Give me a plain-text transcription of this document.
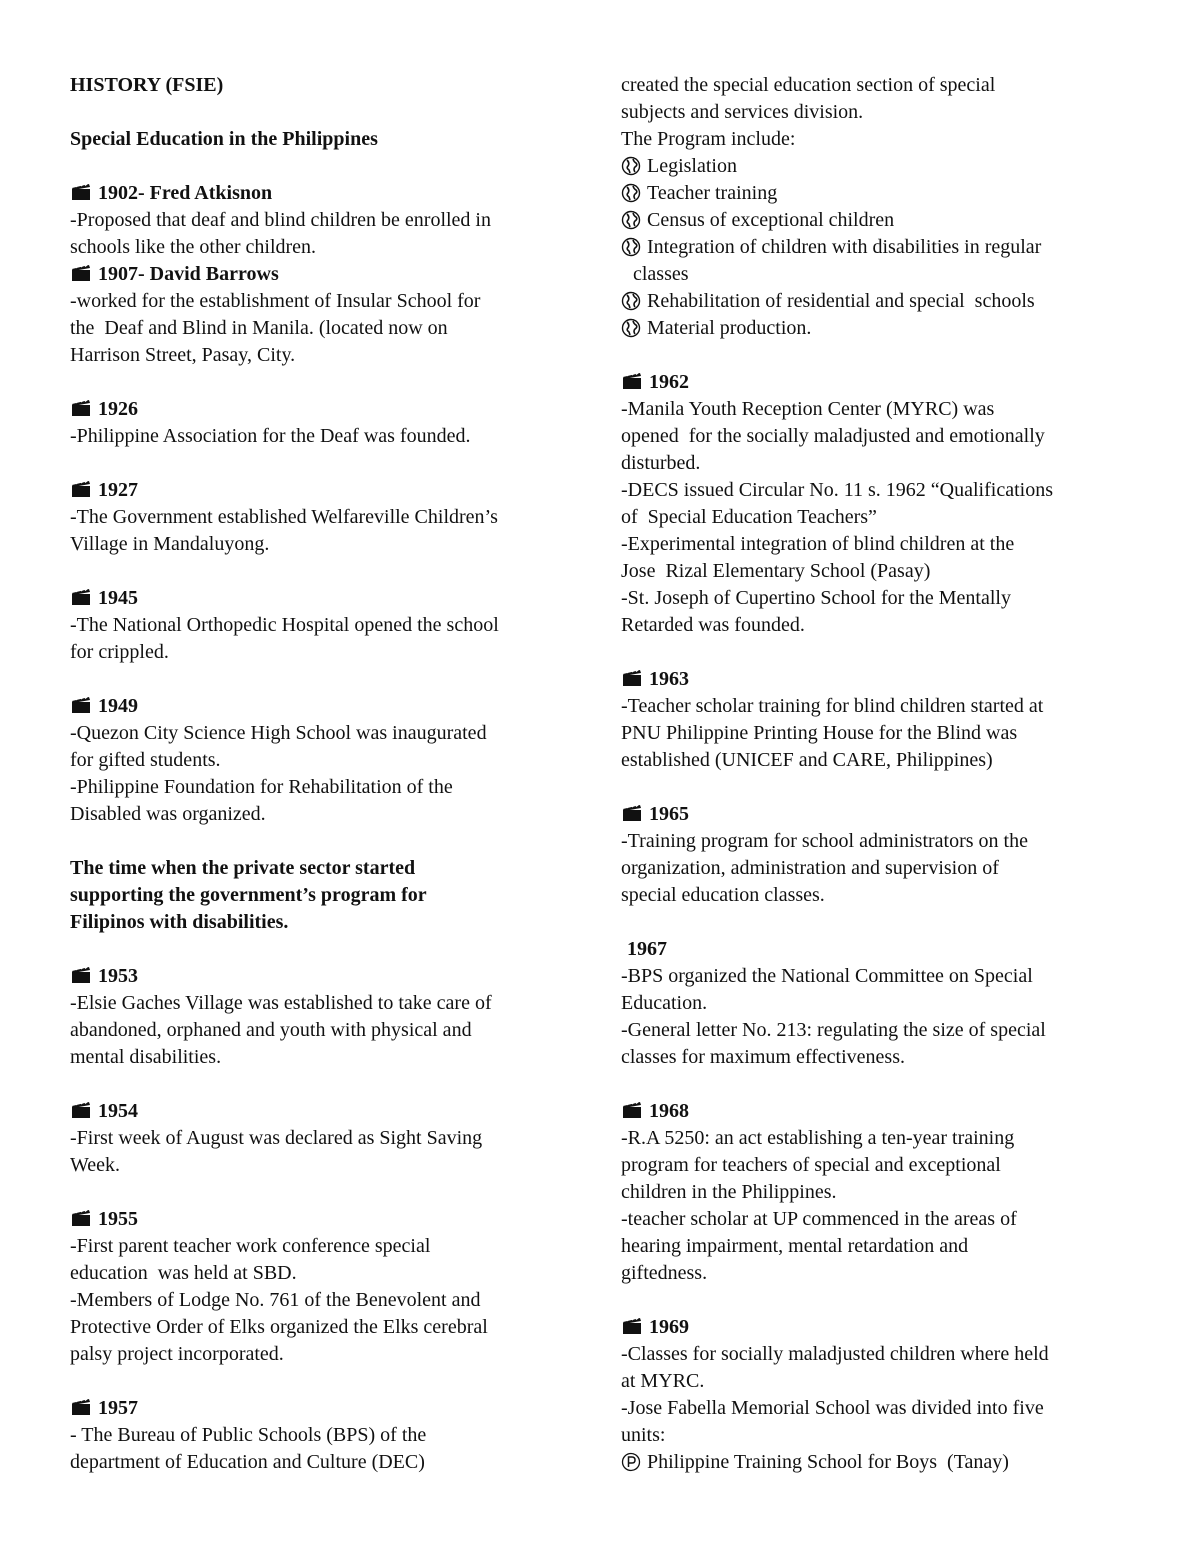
HISTORY (FSIE)
Special Education in the Philippines
1902- Fred Atkisnon
-Proposed that deaf and blind children be enrolled in
schools like the other children.
1907- David Barrows
-worked for the establishment of Insular School for
the  Deaf and Blind in Manila. (located now on
Harrison Street, Pasay, City.
1926
-Philippine Association for the Deaf was founded.
1927
-The Government established Welfareville Children’s
Village in Mandaluyong.
1945
-The National Orthopedic Hospital opened the school
for crippled.
1949
-Quezon City Science High School was inaugurated
for gifted students.
-Philippine Foundation for Rehabilitation of the
Disabled was organized.
The time when the private sector started
supporting the government’s program for
Filipinos with disabilities.
1953
-Elsie Gaches Village was established to take care of
abandoned, orphaned and youth with physical and
mental disabilities.
1954
-First week of August was declared as Sight Saving
Week.
1955
-First parent teacher work conference special
education  was held at SBD.
-Members of Lodge No. 761 of the Benevolent and
Protective Order of Elks organized the Elks cerebral
palsy project incorporated.
1957
- The Bureau of Public Schools (BPS) of the
department of Education and Culture (DEC)
created the special education section of special
subjects and services division.
The Program include:
Legislation
Teacher training
Census of exceptional children
Integration of children with disabilities in regular
classes
Rehabilitation of residential and special  schools
Material production.
1962
-Manila Youth Reception Center (MYRC) was
opened  for the socially maladjusted and emotionally
disturbed.
-DECS issued Circular No. 11 s. 1962 “Qualifications
of  Special Education Teachers”
-Experimental integration of blind children at the
Jose  Rizal Elementary School (Pasay)
-St. Joseph of Cupertino School for the Mentally
Retarded was founded.
1963
-Teacher scholar training for blind children started at
PNU Philippine Printing House for the Blind was
established (UNICEF and CARE, Philippines)
1965
-Training program for school administrators on the
organization, administration and supervision of
special education classes.
1967
-BPS organized the National Committee on Special
Education.
-General letter No. 213: regulating the size of special
classes for maximum effectiveness.
1968
-R.A 5250: an act establishing a ten-year training
program for teachers of special and exceptional
children in the Philippines.
-teacher scholar at UP commenced in the areas of
hearing impairment, mental retardation and
giftedness.
1969
-Classes for socially maladjusted children where held
at MYRC.
-Jose Fabella Memorial School was divided into five
units:
Philippine Training School for Boys  (Tanay)
